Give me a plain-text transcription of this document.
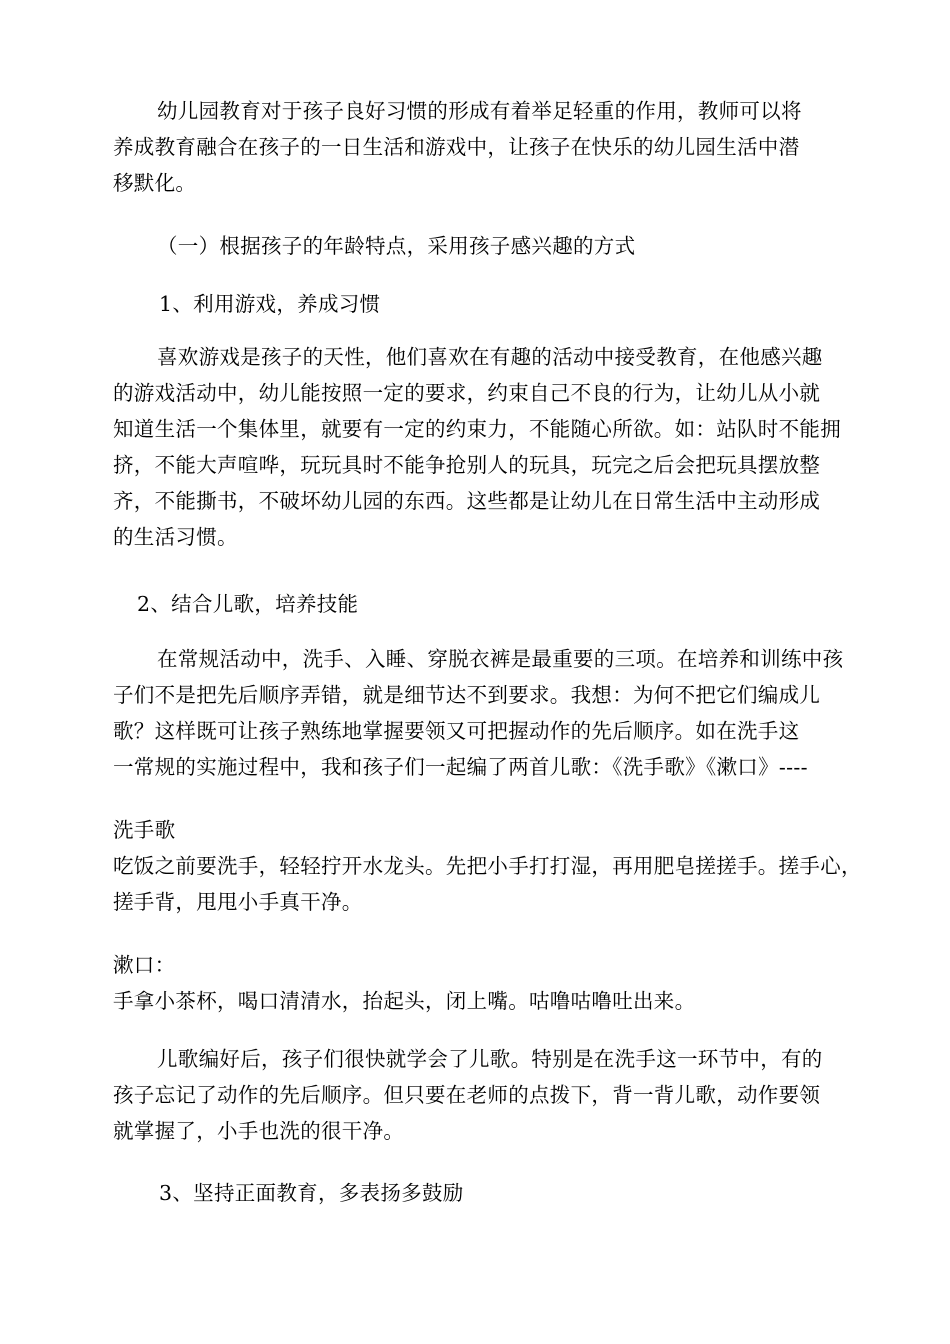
幼儿园教育对于孩子良好习惯的形成有着举足轻重的作用，教师可以将

养成教育融合在孩子的一日生活和游戏中，让孩子在快乐的幼儿园生活中潜

移默化。

（一）根据孩子的年龄特点，采用孩子感兴趣的方式
1、利用游戏，养成习惯

喜欢游戏是孩子的天性，他们喜欢在有趣的活动中接受教育，在他感兴趣

的游戏活动中，幼儿能按照一定的要求，约束自己不良的行为，让幼儿从小就

知道生活一个集体里，就要有一定的约束力，不能随心所欲。如：站队时不能拥

挤，不能大声喧哗，玩玩具时不能争抢别人的玩具，玩完之后会把玩具摆放整

齐，不能撕书，不破坏幼儿园的东西。这些都是让幼儿在日常生活中主动形成

的生活习惯。

2、结合儿歌，培养技能

在常规活动中，洗手、入睡、穿脱衣裤是最重要的三项。在培养和训练中孩

子们不是把先后顺序弄错，就是细节达不到要求。我想：为何不把它们编成儿

歌？这样既可让孩子熟练地掌握要领又可把握动作的先后顺序。如在洗手这

一常规的实施过程中，我和孩子们一起编了两首儿歌：《洗手歌》《漱口》----

洗手歌

吃饭之前要洗手，轻轻拧开水龙头。先把小手打打湿，再用肥皂搓搓手。搓手心，

搓手背，甩甩小手真干净。

漱口：

手拿小茶杯，喝口清清水，抬起头，闭上嘴。咕噜咕噜吐出来。

儿歌编好后，孩子们很快就学会了儿歌。特别是在洗手这一环节中，有的

孩子忘记了动作的先后顺序。但只要在老师的点拨下，背一背儿歌，动作要领

就掌握了，小手也洗的很干净。

3、坚持正面教育，多表扬多鼓励
